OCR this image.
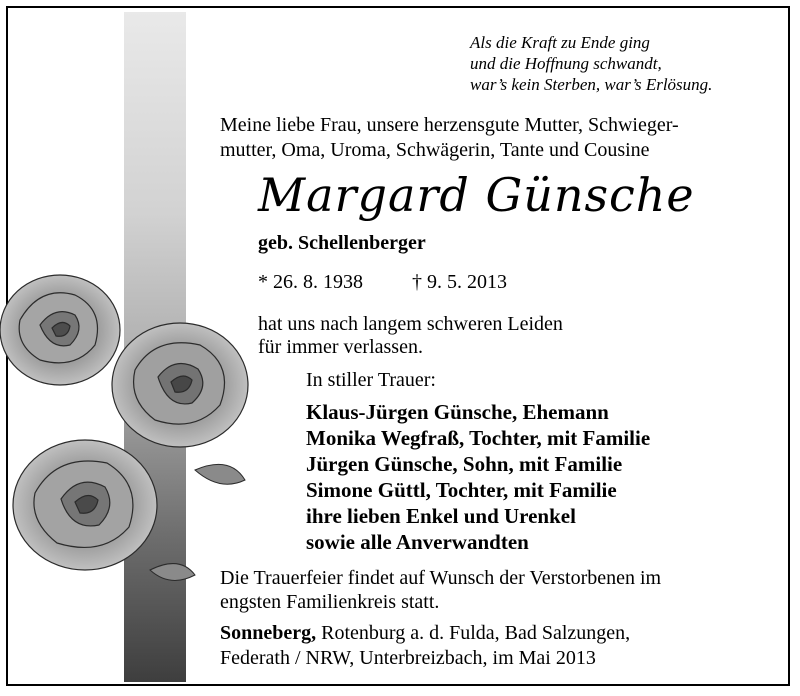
Als die Kraft zu Ende ging
und die Hoffnung schwandt,
war’s kein Sterben, war’s Erlösung.
Meine liebe Frau, unsere herzensgute Mutter, Schwieger-
mutter, Oma, Uroma, Schwägerin, Tante und Cousine
Margard Günsche
geb. Schellenberger
* 26. 8. 1938 † 9. 5. 2013
hat uns nach langem schweren Leiden
für immer verlassen.
In stiller Trauer:
Klaus-Jürgen Günsche, Ehemann
Monika Wegfraß, Tochter, mit Familie
Jürgen Günsche, Sohn, mit Familie
Simone Güttl, Tochter, mit Familie
ihre lieben Enkel und Urenkel
sowie alle Anverwandten
Die Trauerfeier findet auf Wunsch der Verstorbenen im
engsten Familienkreis statt.
Sonneberg, Rotenburg a. d. Fulda, Bad Salzungen,
Federath / NRW, Unterbreizbach, im Mai 2013
